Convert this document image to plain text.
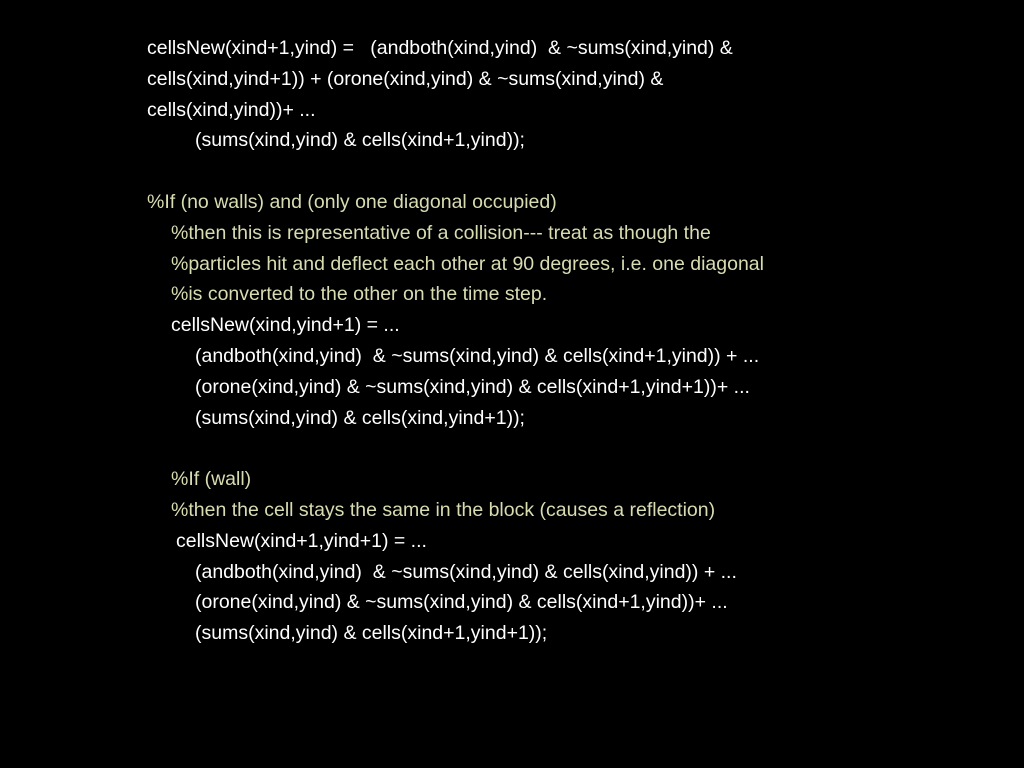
cellsNew(xind+1,yind) =   (andboth(xind,yind)  & ~sums(xind,yind) &
cells(xind,yind+1)) + (orone(xind,yind) & ~sums(xind,yind) &
cells(xind,yind))+ ...
(sums(xind,yind) & cells(xind+1,yind));
%If (no walls) and (only one diagonal occupied)
%then this is representative of a collision--- treat as though the
%particles hit and deflect each other at 90 degrees, i.e. one diagonal
%is converted to the other on the time step.
cellsNew(xind,yind+1) = ...
(andboth(xind,yind)  & ~sums(xind,yind) & cells(xind+1,yind)) + ...
(orone(xind,yind) & ~sums(xind,yind) & cells(xind+1,yind+1))+ ...
(sums(xind,yind) & cells(xind,yind+1));
%If (wall)
%then the cell stays the same in the block (causes a reflection)
cellsNew(xind+1,yind+1) = ...
(andboth(xind,yind)  & ~sums(xind,yind) & cells(xind,yind)) + ...
(orone(xind,yind) & ~sums(xind,yind) & cells(xind+1,yind))+ ...
(sums(xind,yind) & cells(xind+1,yind+1));
